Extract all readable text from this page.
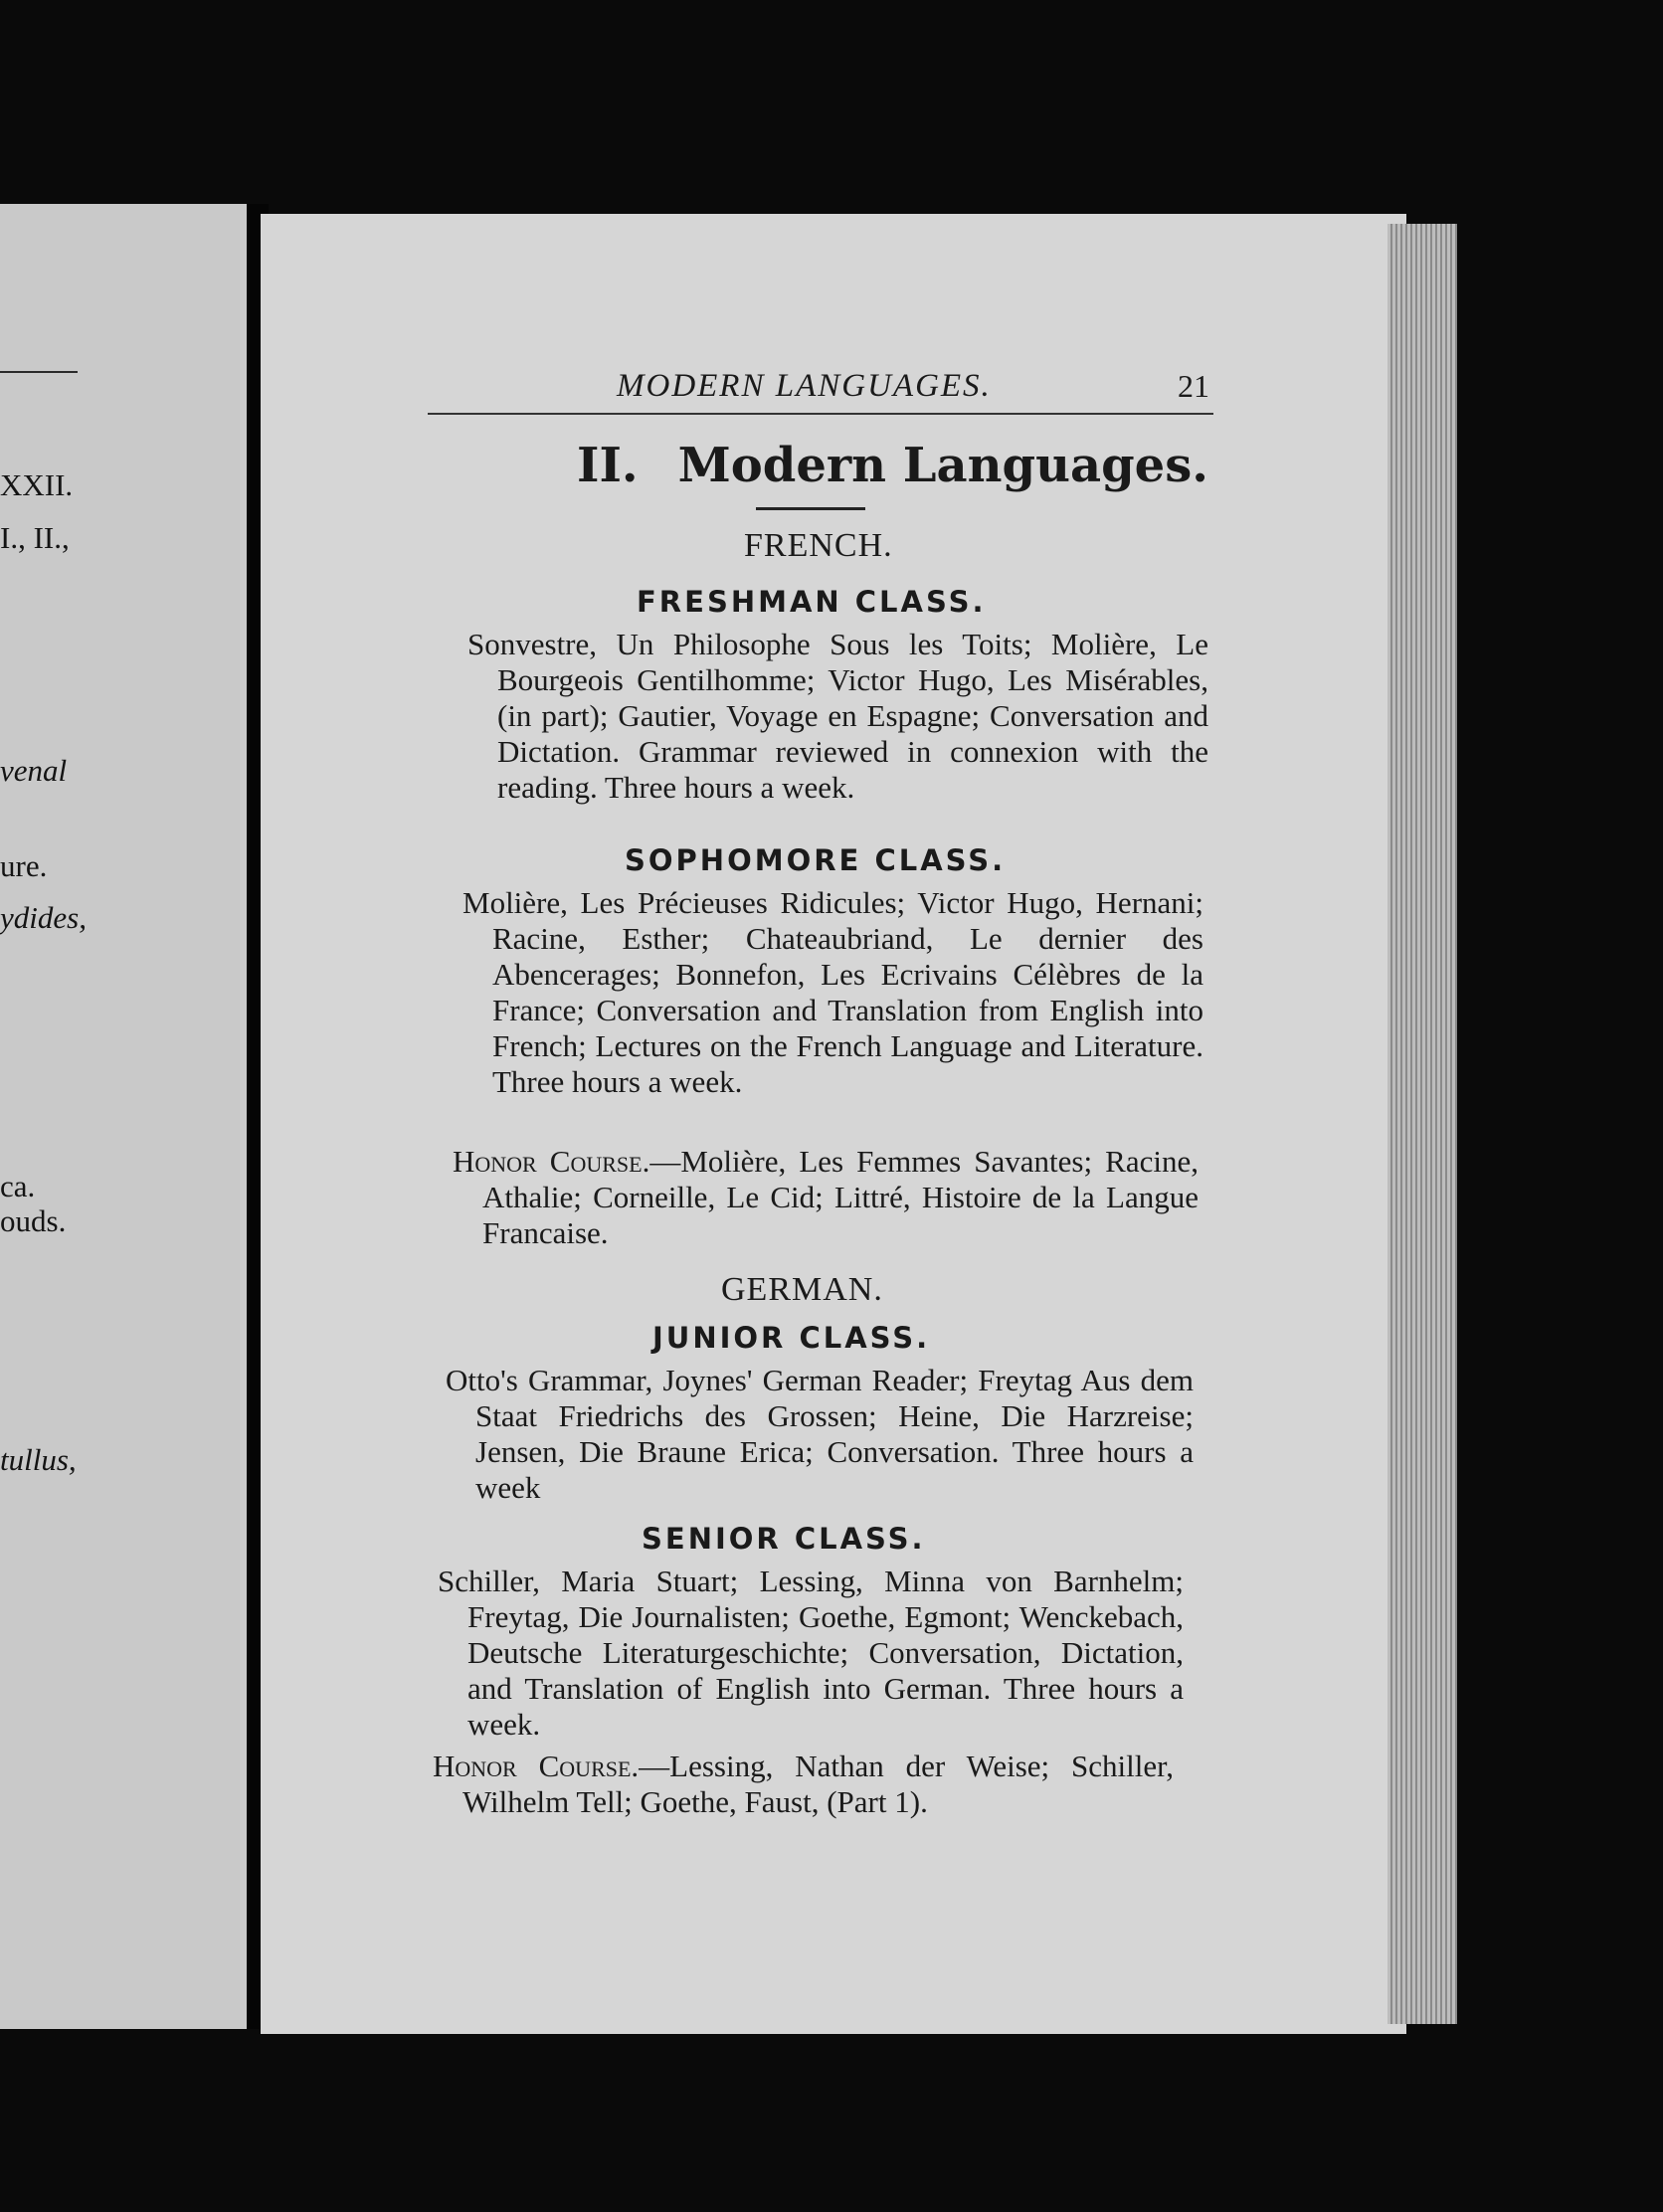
XXII.
I., II.,
venal
ure.
ydides,
ca.
ouds.
tullus,
MODERN LANGUAGES.	21
II. Modern Languages.
FRENCH.
FRESHMAN CLASS.
Sonvestre, Un Philosophe Sous les Toits; Molière, Le Bourgeois Gentilhomme; Victor Hugo, Les Misérables,(in part); Gautier, Voyage en Espagne; Conversation and Dictation. Grammar reviewed in connexion with the reading. Three hours a week.
SOPHOMORE CLASS.
Molière, Les Précieuses Ridicules; Victor Hugo, Hernani; Racine, Esther; Chateaubriand, Le dernier des Abencerages; Bonnefon, Les Ecrivains Célèbres de la France; Conversation and Translation from English into French; Lectures on the French Language and Literature. Three hours a week.
Honor Course.—Molière, Les Femmes Savantes; Racine, Athalie; Corneille, Le Cid; Littré, Histoire de la Langue Francaise.
GERMAN.
JUNIOR CLASS.
Otto's Grammar, Joynes' German Reader; Freytag Aus dem Staat Friedrichs des Grossen; Heine, Die Harzreise; Jensen, Die Braune Erica; Conversation. Three hours a week
SENIOR CLASS.
Schiller, Maria Stuart; Lessing, Minna von Barnhelm; Freytag, Die Journalisten; Goethe, Egmont; Wenckebach, Deutsche Literaturgeschichte; Conversation, Dictation, and Translation of English into German. Three hours a week.
Honor Course.—Lessing, Nathan der Weise; Schiller, Wilhelm Tell; Goethe, Faust, (Part 1).
